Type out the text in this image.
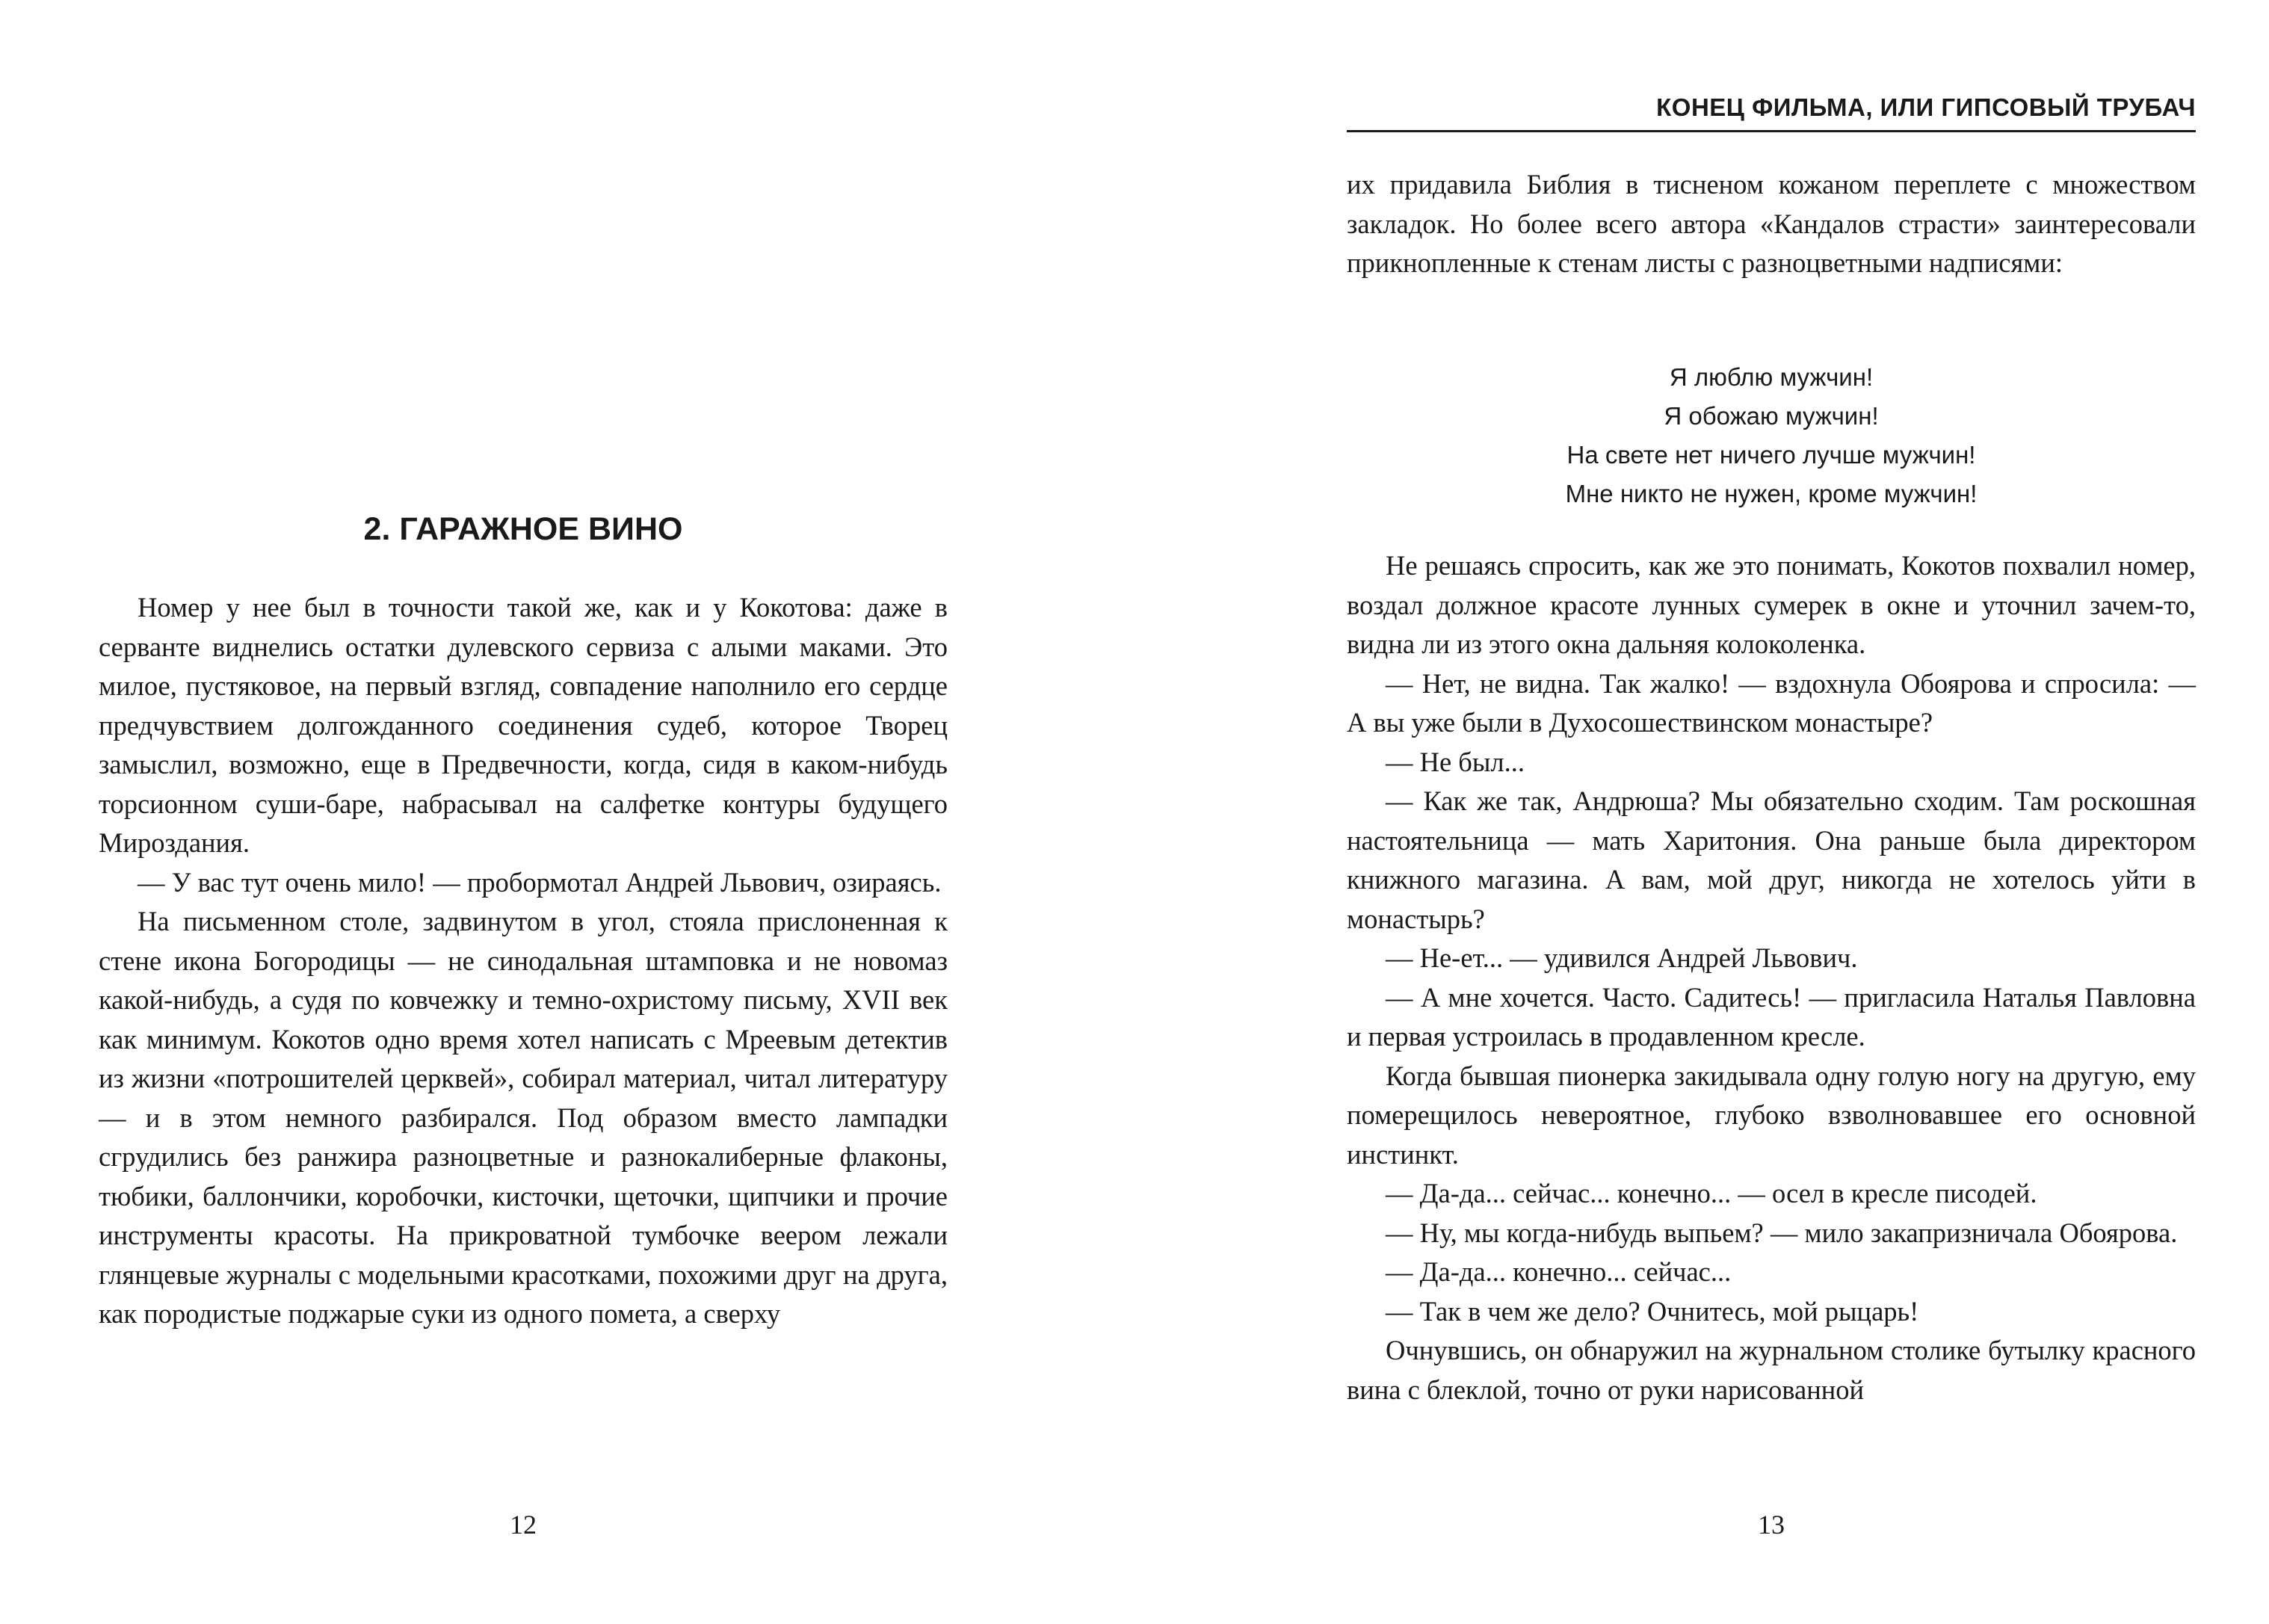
2. ГАРАЖНОЕ ВИНО

Номер у нее был в точности такой же, как и у Кокотова: даже в серванте виднелись остатки дулевского сервиза с алыми маками. Это милое, пустяковое, на первый взгляд, совпадение наполнило его сердце предчувствием долгожданного соединения судеб, которое Творец замыслил, возможно, еще в Предвечности, когда, сидя в каком-нибудь торсионном суши-баре, набрасывал на салфетке контуры будущего Мироздания.

— У вас тут очень мило! — пробормотал Андрей Львович, озираясь.

На письменном столе, задвинутом в угол, стояла прислоненная к стене икона Богородицы — не синодальная штамповка и не новомаз какой-нибудь, а судя по ковчежку и темно-охристому письму, XVII век как минимум. Кокотов одно время хотел написать с Мреевым детектив из жизни «потрошителей церквей», собирал материал, читал литературу — и в этом немного разбирался. Под образом вместо лампадки сгрудились без ранжира разноцветные и разнокалиберные флаконы, тюбики, баллончики, коробочки, кисточки, щеточки, щипчики и прочие инструменты красоты. На прикроватной тумбочке веером лежали глянцевые журналы с модельными красотками, похожими друг на друга, как породистые поджарые суки из одного помета, а сверху

12
КОНЕЦ ФИЛЬМА, ИЛИ ГИПСОВЫЙ ТРУБАЧ

их придавила Библия в тисненом кожаном переплете с множеством закладок. Но более всего автора «Кандалов страсти» заинтересовали прикнопленные к стенам листы с разноцветными надписями:

Я люблю мужчин!
Я обожаю мужчин!
На свете нет ничего лучше мужчин!
Мне никто не нужен, кроме мужчин!

Не решаясь спросить, как же это понимать, Кокотов похвалил номер, воздал должное красоте лунных сумерек в окне и уточнил зачем-то, видна ли из этого окна дальняя колоколенка.

— Нет, не видна. Так жалко! — вздохнула Обоярова и спросила: — А вы уже были в Духосошествинском монастыре?

— Не был...

— Как же так, Андрюша? Мы обязательно сходим. Там роскошная настоятельница — мать Харитония. Она раньше была директором книжного магазина. А вам, мой друг, никогда не хотелось уйти в монастырь?

— Не-ет... — удивился Андрей Львович.

— А мне хочется. Часто. Садитесь! — пригласила Наталья Павловна и первая устроилась в продавленном кресле.

Когда бывшая пионерка закидывала одну голую ногу на другую, ему померещилось невероятное, глубоко взволновавшее его основной инстинкт.

— Да-да... сейчас... конечно... — осел в кресле писодей.

— Ну, мы когда-нибудь выпьем? — мило закапризничала Обоярова.

— Да-да... конечно... сейчас...

— Так в чем же дело? Очнитесь, мой рыцарь!

Очнувшись, он обнаружил на журнальном столике бутылку красного вина с блеклой, точно от руки нарисованной

13
